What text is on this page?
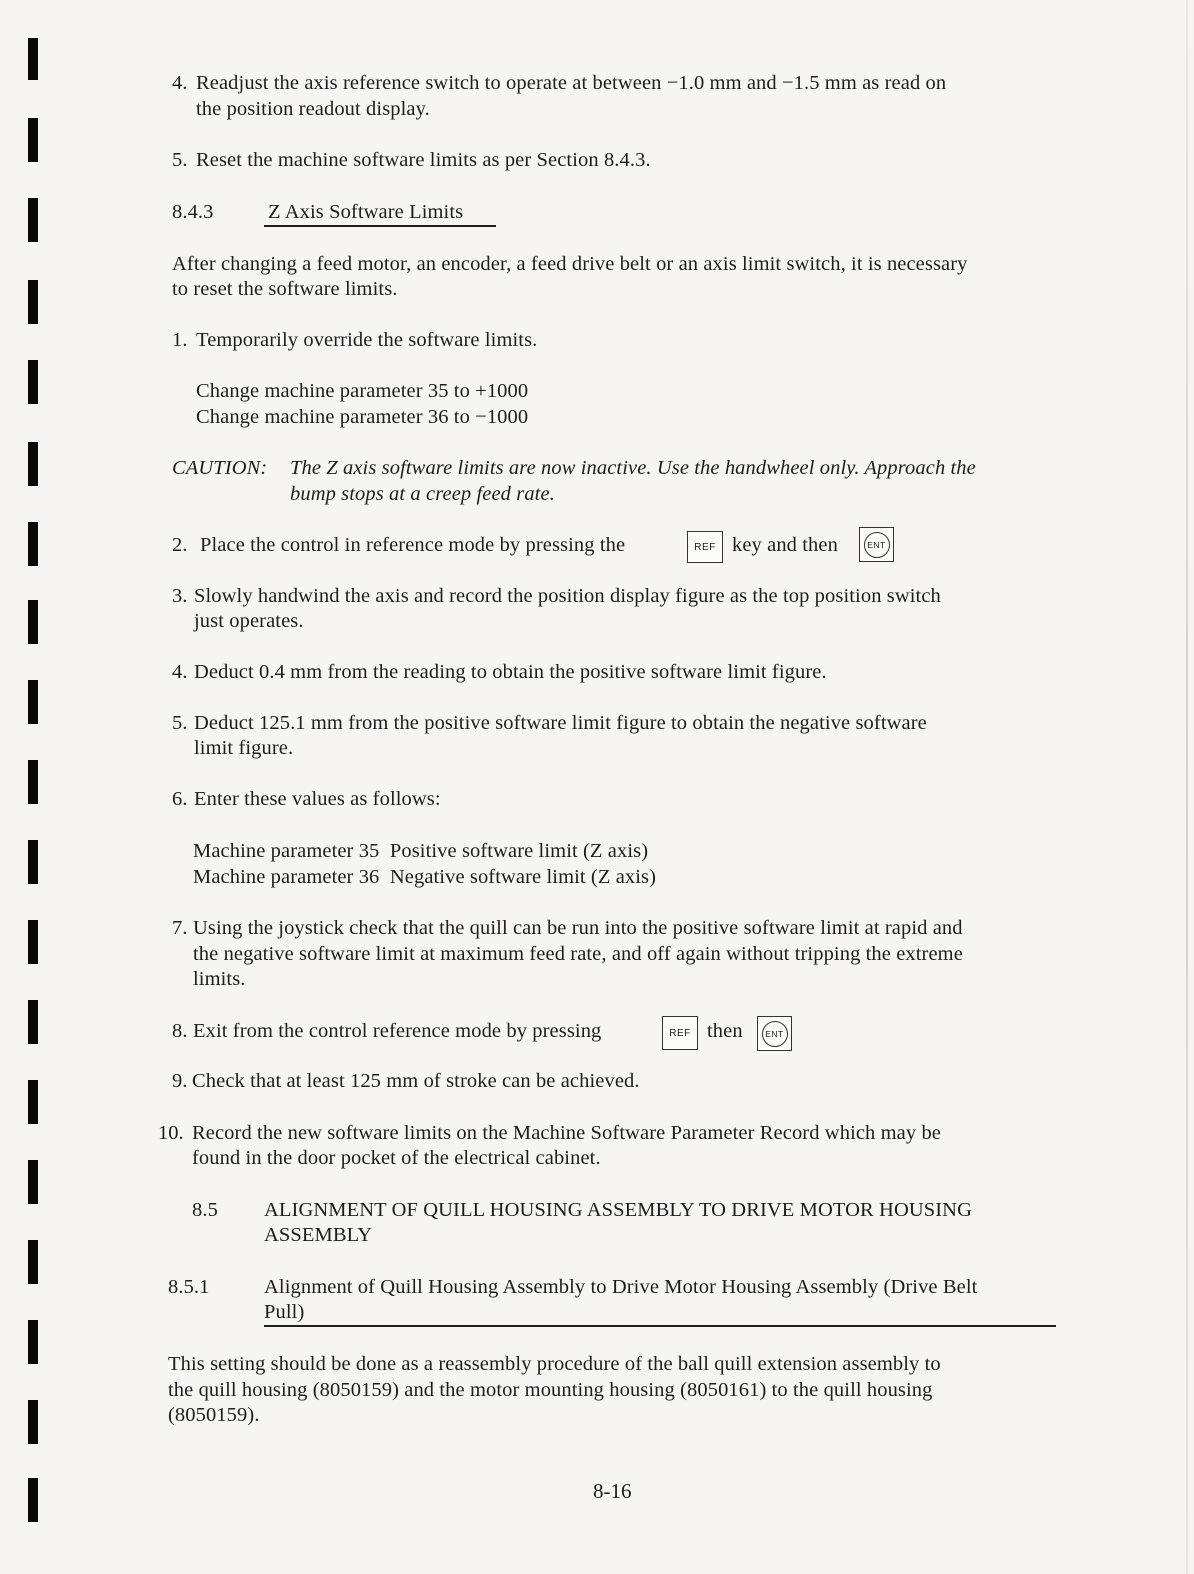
4. Readjust the axis reference switch to operate at between −1.0 mm and −1.5 mm as read on
the position readout display.
5. Reset the machine software limits as per Section 8.4.3.
8.4.3	Z Axis Software Limits
After changing a feed motor, an encoder, a feed drive belt or an axis limit switch, it is necessary
to reset the software limits.
1. Temporarily override the software limits.
Change machine parameter 35 to +1000
Change machine parameter 36 to −1000
CAUTION: The Z axis software limits are now inactive. Use the handwheel only. Approach the
bump stops at a creep feed rate.
2. Place the control in reference mode by pressing the	REF key and then	ENT
3. Slowly handwind the axis and record the position display figure as the top position switch
just operates.
4. Deduct 0.4 mm from the reading to obtain the positive software limit figure.
5. Deduct 125.1 mm from the positive software limit figure to obtain the negative software
limit figure.
6. Enter these values as follows:
Machine parameter 35  Positive software limit (Z axis)
Machine parameter 36  Negative software limit (Z axis)
7. Using the joystick check that the quill can be run into the positive software limit at rapid and
the negative software limit at maximum feed rate, and off again without tripping the extreme
limits.
8. Exit from the control reference mode by pressing	REF then	ENT
9. Check that at least 125 mm of stroke can be achieved.
10. Record the new software limits on the Machine Software Parameter Record which may be
found in the door pocket of the electrical cabinet.
8.5 ALIGNMENT OF QUILL HOUSING ASSEMBLY TO DRIVE MOTOR HOUSING
ASSEMBLY
8.5.1	Alignment of Quill Housing Assembly to Drive Motor Housing Assembly (Drive Belt
Pull)
This setting should be done as a reassembly procedure of the ball quill extension assembly to
the quill housing (8050159) and the motor mounting housing (8050161) to the quill housing
(8050159).
8-16
